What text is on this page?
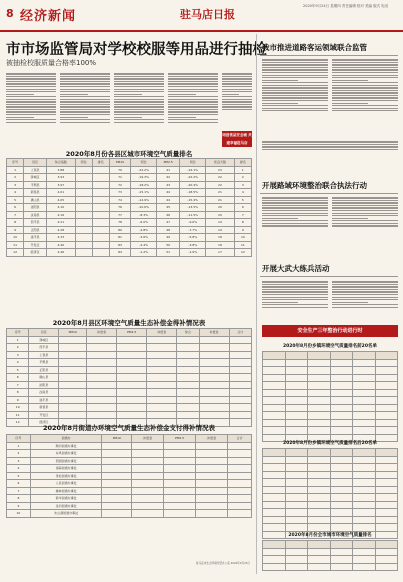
8 经济新闻	驻马店日报
2020年9月24日 星期四 责任编辑 校对 美编 版式 电话
市市场监管局对学校校服等用品进行抽检
被抽检校服质量合格率100%
同创食品安全城 共建幸福驻马店
2020年8月份各县区城市环境空气质量排名
序号	县区	综合指数	同比	排名	PM10	同比	PM2.5	同比	优良天数	排名
1	上蔡县	3.88			70	-22.2%	41	-24.1%	23	1
2	驿城区	3.93			71	-19.3%	42	-22.2%	22	2
3	平舆县	3.97			72	-18.2%	43	-20.4%	22	3
4	新蔡县	4.01			73	-15.1%	44	-18.5%	21	4
5	确山县	4.05			74	-12.9%	44	-15.4%	21	5
6	泌阳县	4.10			76	-10.6%	45	-13.5%	20	6
7	汝南县	4.16			77	-8.3%	46	-11.5%	20	7
8	西平县	4.21			78	-6.0%	47	-9.6%	19	8
9	正阳县	4.28			80	-4.8%	48	-7.7%	19	9
10	遂平县	4.33			81	-3.6%	49	-5.8%	18	10
11	开发区	4.40			83	-2.4%	50	-3.8%	18	11
12	经济区	4.46			84	-1.2%	51	-1.9%	17	12
2020年8月县区环境空气质量生态补偿金得补情况表
序号	县区	PM10	补偿金	PM2.5	补偿金	综合	补偿金	合计
1	驿城区							
2	西平县							
3	上蔡县							
4	平舆县							
5	正阳县							
6	确山县							
7	泌阳县							
8	汝南县							
9	遂平县							
10	新蔡县							
11	开发区							
12	经济区							
2020年8月街道办环境空气质量生态补偿金支付得补情况表
序号	街道办	PM10	补偿金	PM2.5	补偿金	合计
1	顺河街道办事处					
2	东风街道办事处					
3	西园街道办事处					
4	南海街道办事处					
5	雪松街道办事处					
6	人民街道办事处					
7	橡林街道办事处					
8	新华街道办事处					
9	金河街道办事处					
10	朱古洞街道办事处					
驻马店市生态环境攻坚办公室 2020年9月23日
我市推进道路客运领域联合监管
开展路域环境整治联合执法行动
开展大武大练兵活动
安全生产三年整治行动进行时
2020年8月份乡镇环境空气质量排名前20名单

2020年8月份乡镇环境空气质量排名后20名单

2020年8月份全市城市环境空气质量排名
